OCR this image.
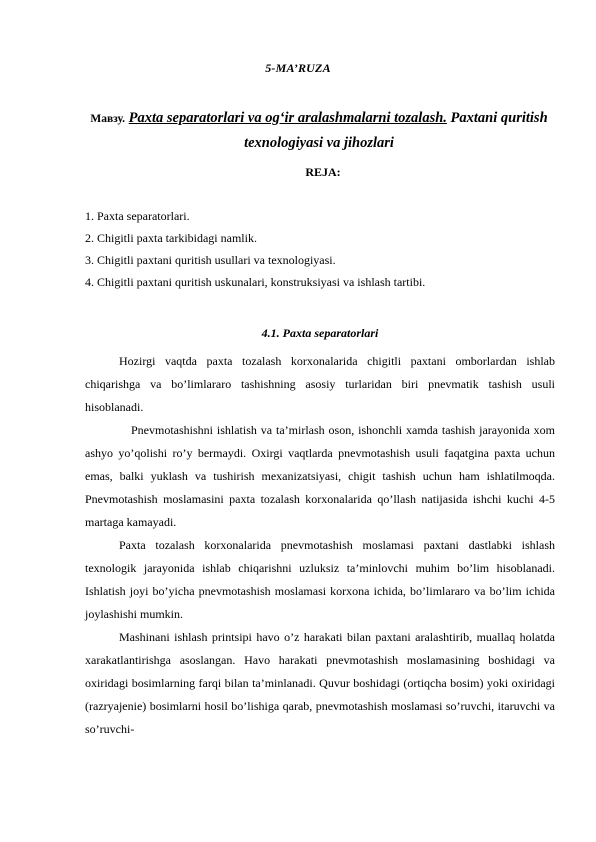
5-MA’RUZA
Mавзу. Paxta separatorlari va og‘ir aralashmalarni tozalash. Paxtani quritish texnologiyasi va jihozlari
REJA:
1. Paxta separatorlari.
2. Chigitli paxta tarkibidagi namlik.
3. Chigitli paxtani quritish usullari va texnologiyasi.
4. Chigitli paxtani quritish uskunalari, konstruksiyasi va ishlash tartibi.
4.1. Paxta separatorlari

Hozirgi vaqtda paxta tozalash korxonalarida chigitli paxtani omborlardan ishlab chiqarishga va bo’limlararo tashishning asosiy turlaridan biri pnevmatik tashish usuli hisoblanadi.

Pnevmotashishni ishlatish va ta’mirlash oson, ishonchli xamda tashish jarayonida xom ashyo yo’qolishi ro’y bermaydi. Oxirgi vaqtlarda pnevmotashish usuli faqatgina paxta uchun emas, balki yuklash va tushirish mexanizatsiyasi, chigit tashish uchun ham ishlatilmoqda. Pnevmotashish moslamasini paxta tozalash korxonalarida qo’llash natijasida ishchi kuchi 4-5 martaga kamayadi.

Paxta tozalash korxonalarida pnevmotashish moslamasi paxtani dastlabki ishlash texnologik jarayonida ishlab chiqarishni uzluksiz ta’minlovchi muhim bo’lim hisoblanadi. Ishlatish joyi bo’yicha pnevmotashish moslamasi korxona ichida, bo’limlararo va bo’lim ichida joylashishi mumkin.

Mashinani ishlash printsipi havo o’z harakati bilan paxtani aralashtirib, muallaq holatda xarakatlantirishga asoslangan. Havo harakati pnevmotashish moslamasining boshidagi va oxiridagi bosimlarning farqi bilan ta’minlanadi. Quvur boshidagi (ortiqcha bosim) yoki oxiridagi (razryajenie) bosimlarni hosil bo’lishiga qarab, pnevmotashish moslamasi so’ruvchi, itaruvchi va so’ruvchi-
